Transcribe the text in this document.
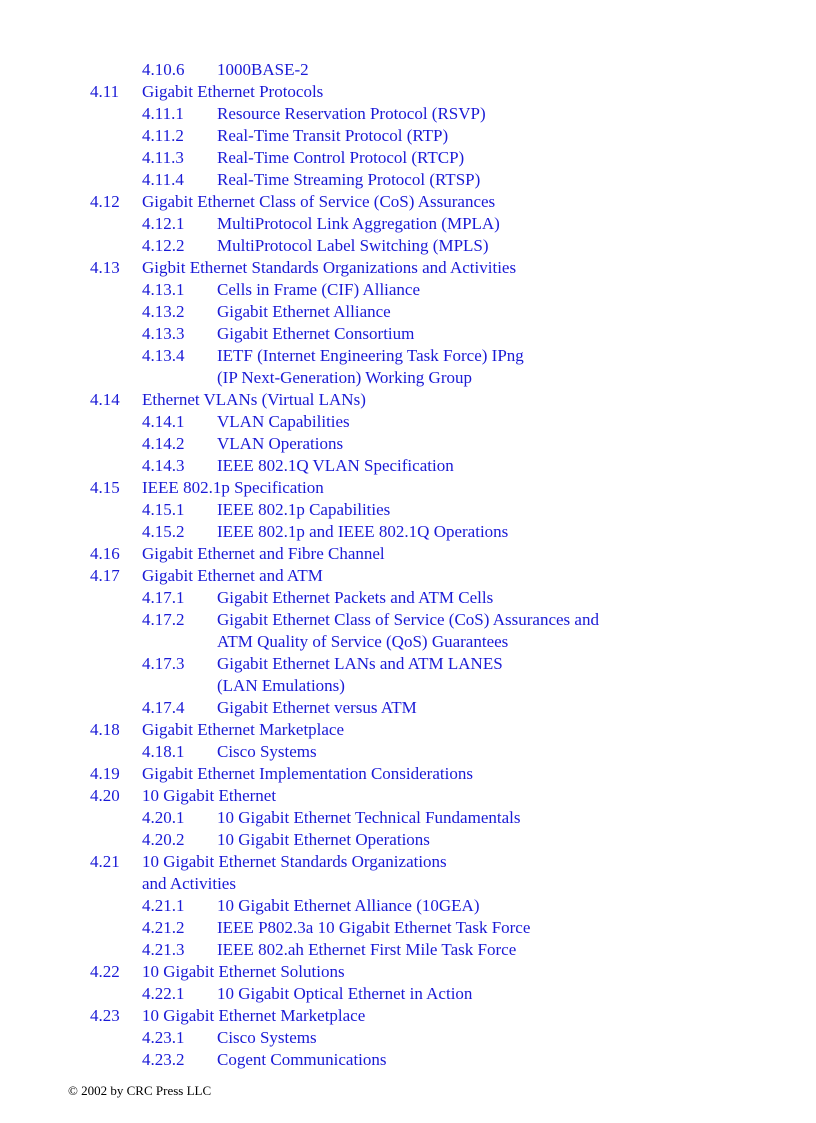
4.10.6 1000BASE-2
4.11 Gigabit Ethernet Protocols
4.11.1 Resource Reservation Protocol (RSVP)
4.11.2 Real-Time Transit Protocol (RTP)
4.11.3 Real-Time Control Protocol (RTCP)
4.11.4 Real-Time Streaming Protocol (RTSP)
4.12 Gigabit Ethernet Class of Service (CoS) Assurances
4.12.1 MultiProtocol Link Aggregation (MPLA)
4.12.2 MultiProtocol Label Switching (MPLS)
4.13 Gigbit Ethernet Standards Organizations and Activities
4.13.1 Cells in Frame (CIF) Alliance
4.13.2 Gigabit Ethernet Alliance
4.13.3 Gigabit Ethernet Consortium
4.13.4 IETF (Internet Engineering Task Force) IPng
(IP Next-Generation) Working Group
4.14 Ethernet VLANs (Virtual LANs)
4.14.1 VLAN Capabilities
4.14.2 VLAN Operations
4.14.3 IEEE 802.1Q VLAN Specification
4.15 IEEE 802.1p Specification
4.15.1 IEEE 802.1p Capabilities
4.15.2 IEEE 802.1p and IEEE 802.1Q Operations
4.16 Gigabit Ethernet and Fibre Channel
4.17 Gigabit Ethernet and ATM
4.17.1 Gigabit Ethernet Packets and ATM Cells
4.17.2 Gigabit Ethernet Class of Service (CoS) Assurances and
ATM Quality of Service (QoS) Guarantees
4.17.3 Gigabit Ethernet LANs and ATM LANES
(LAN Emulations)
4.17.4 Gigabit Ethernet versus ATM
4.18 Gigabit Ethernet Marketplace
4.18.1 Cisco Systems
4.19 Gigabit Ethernet Implementation Considerations
4.20 10 Gigabit Ethernet
4.20.1 10 Gigabit Ethernet Technical Fundamentals
4.20.2 10 Gigabit Ethernet Operations
4.21 10 Gigabit Ethernet Standards Organizations
and Activities
4.21.1 10 Gigabit Ethernet Alliance (10GEA)
4.21.2 IEEE P802.3a 10 Gigabit Ethernet Task Force
4.21.3 IEEE 802.ah Ethernet First Mile Task Force
4.22 10 Gigabit Ethernet Solutions
4.22.1 10 Gigabit Optical Ethernet in Action
4.23 10 Gigabit Ethernet Marketplace
4.23.1 Cisco Systems
4.23.2 Cogent Communications
© 2002 by CRC Press LLC
